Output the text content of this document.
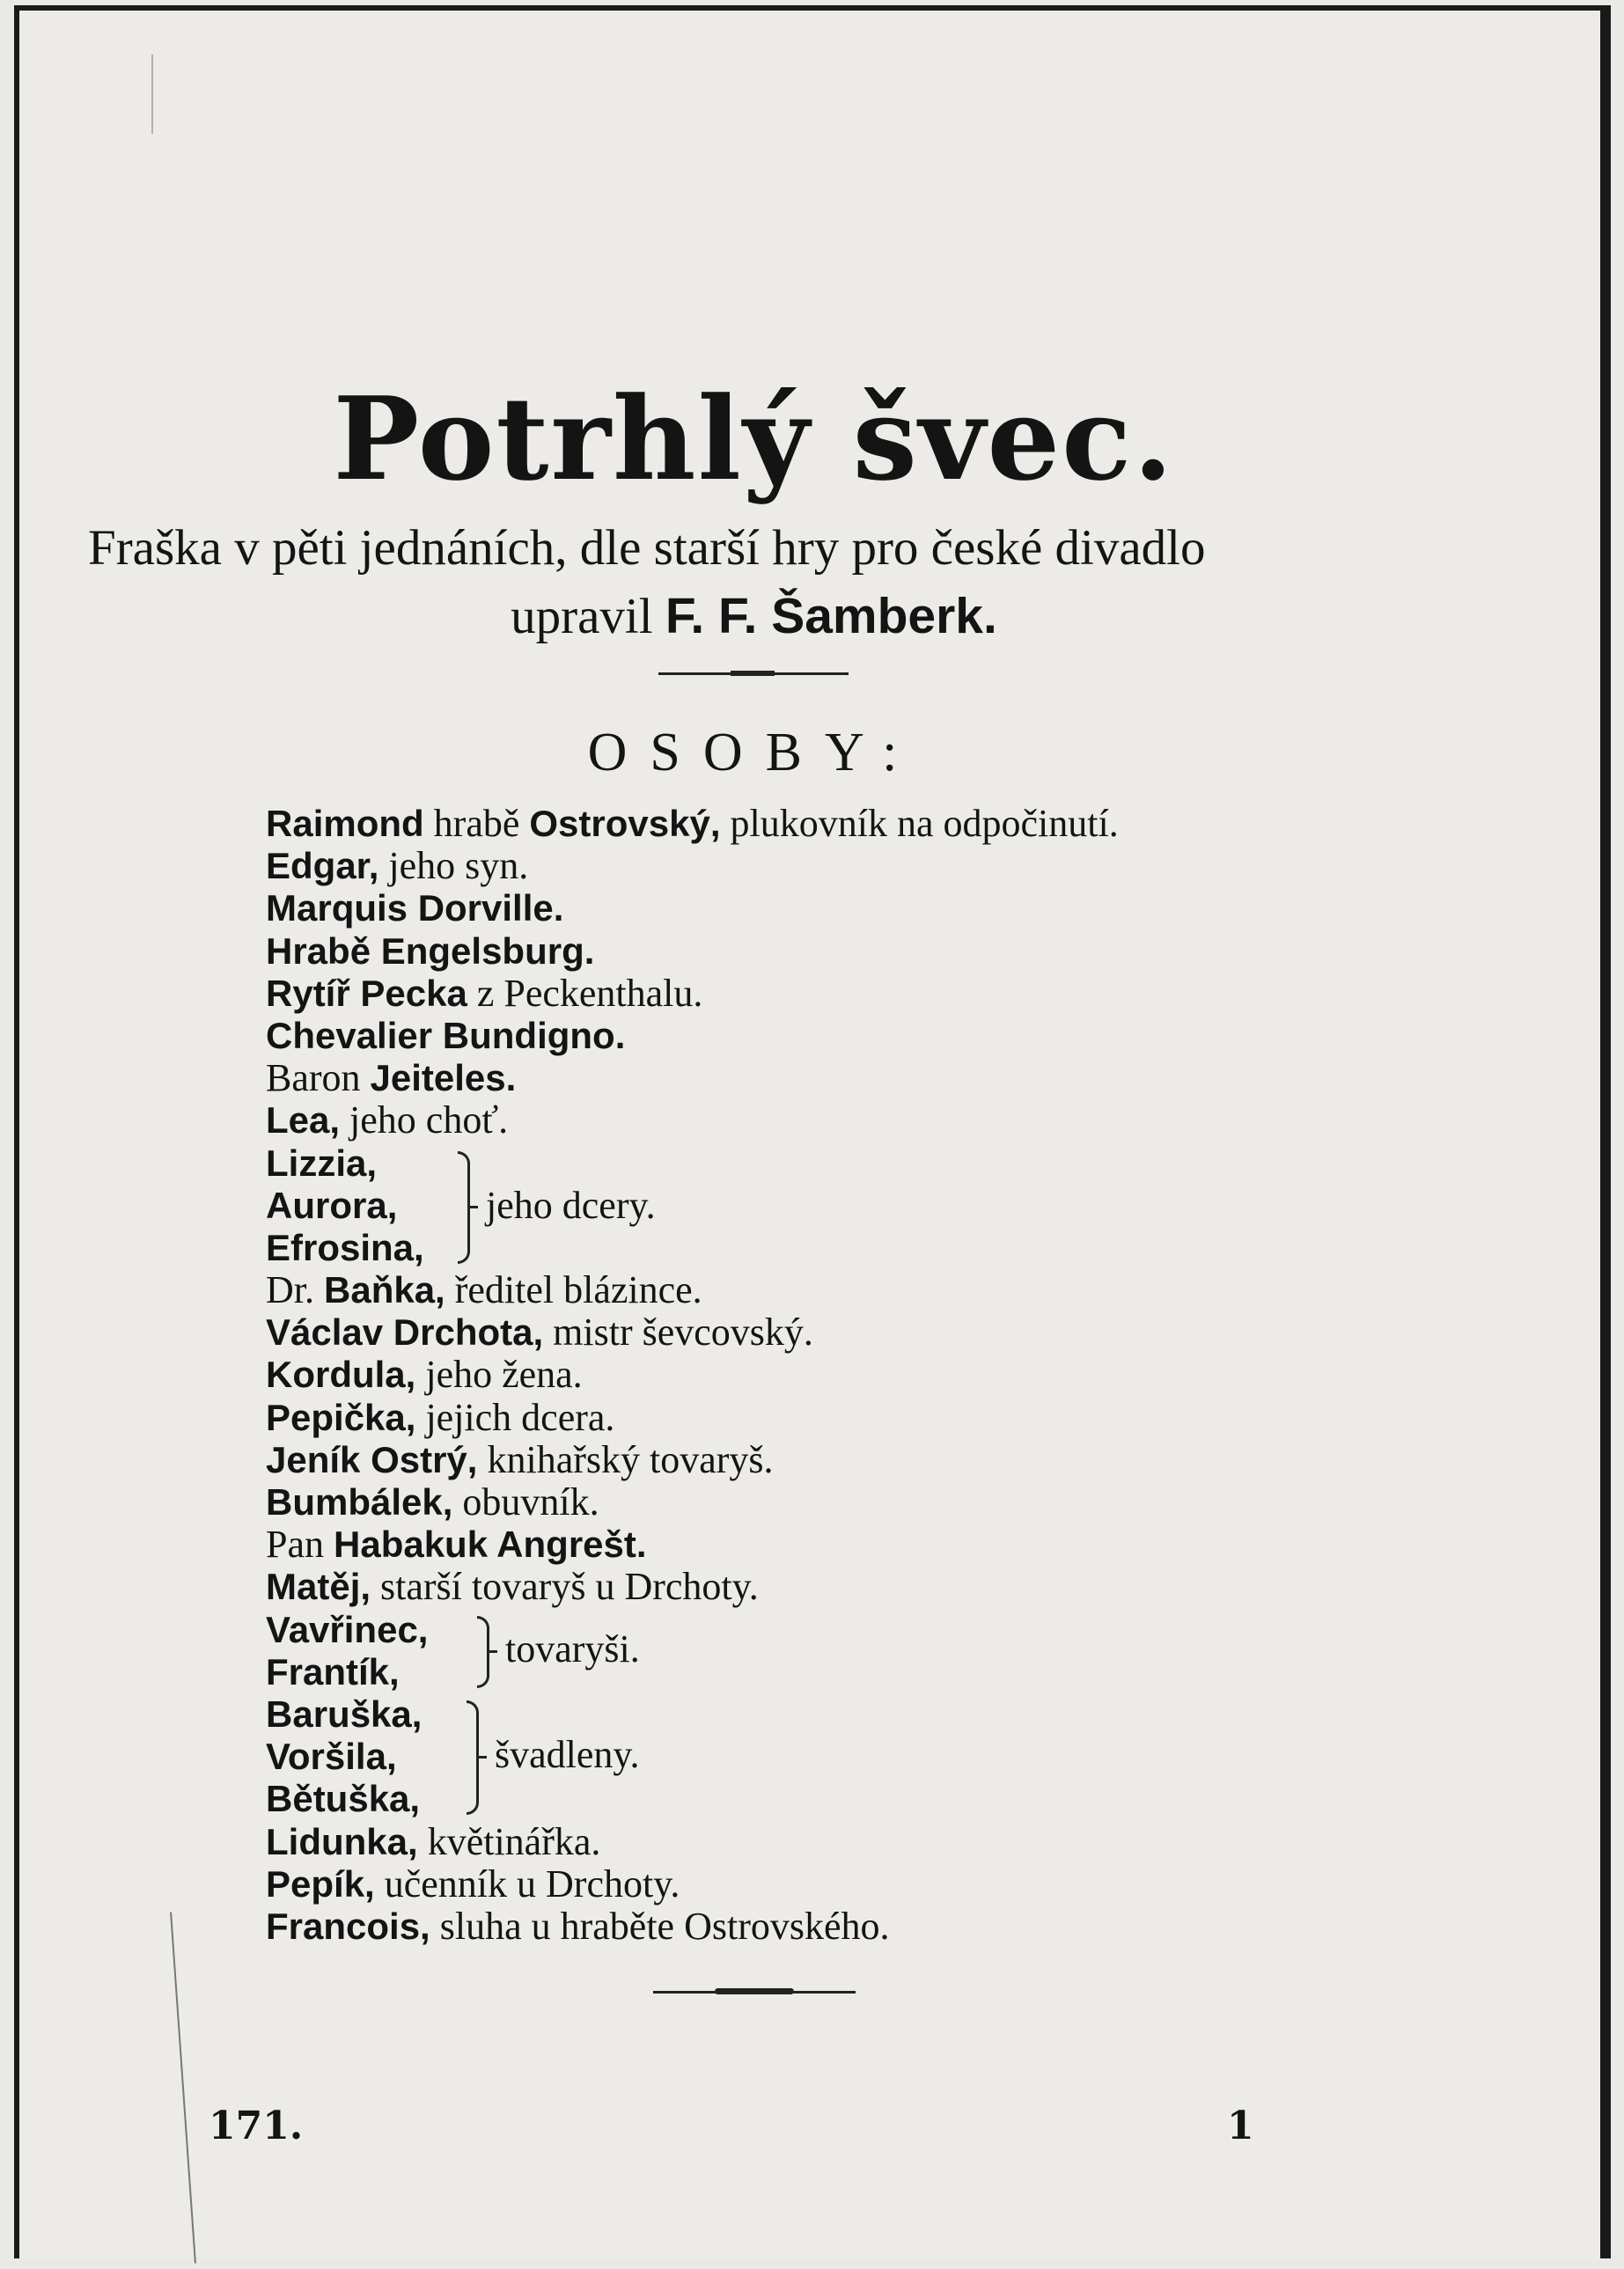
Potrhlý švec.
Fraška v pěti jednáních, dle starší hry pro české divadlo
upravil F. F. Šamberk.
OSOBY:
Raimond hrabě Ostrovský, plukovník na odpočinutí.
Edgar, jeho syn.
Marquis Dorville.
Hrabě Engelsburg.
Rytíř Pecka z Peckenthalu.
Chevalier Bundigno.
Baron Jeiteles.
Lea, jeho choť.
Lizzia,
Aurora,
Efrosina,
jeho dcery.
Dr. Baňka, ředitel blázince.
Václav Drchota, mistr ševcovský.
Kordula, jeho žena.
Pepička, jejich dcera.
Jeník Ostrý, knihařský tovaryš.
Bumbálek, obuvník.
Pan Habakuk Angrešt.
Matěj, starší tovaryš u Drchoty.
Vavřinec,
Frantík,
tovaryši.
Baruška,
Voršila,
Bětuška,
švadleny.
Lidunka, květinářka.
Pepík, učenník u Drchoty.
Francois, sluha u hraběte Ostrovského.
171.	1
